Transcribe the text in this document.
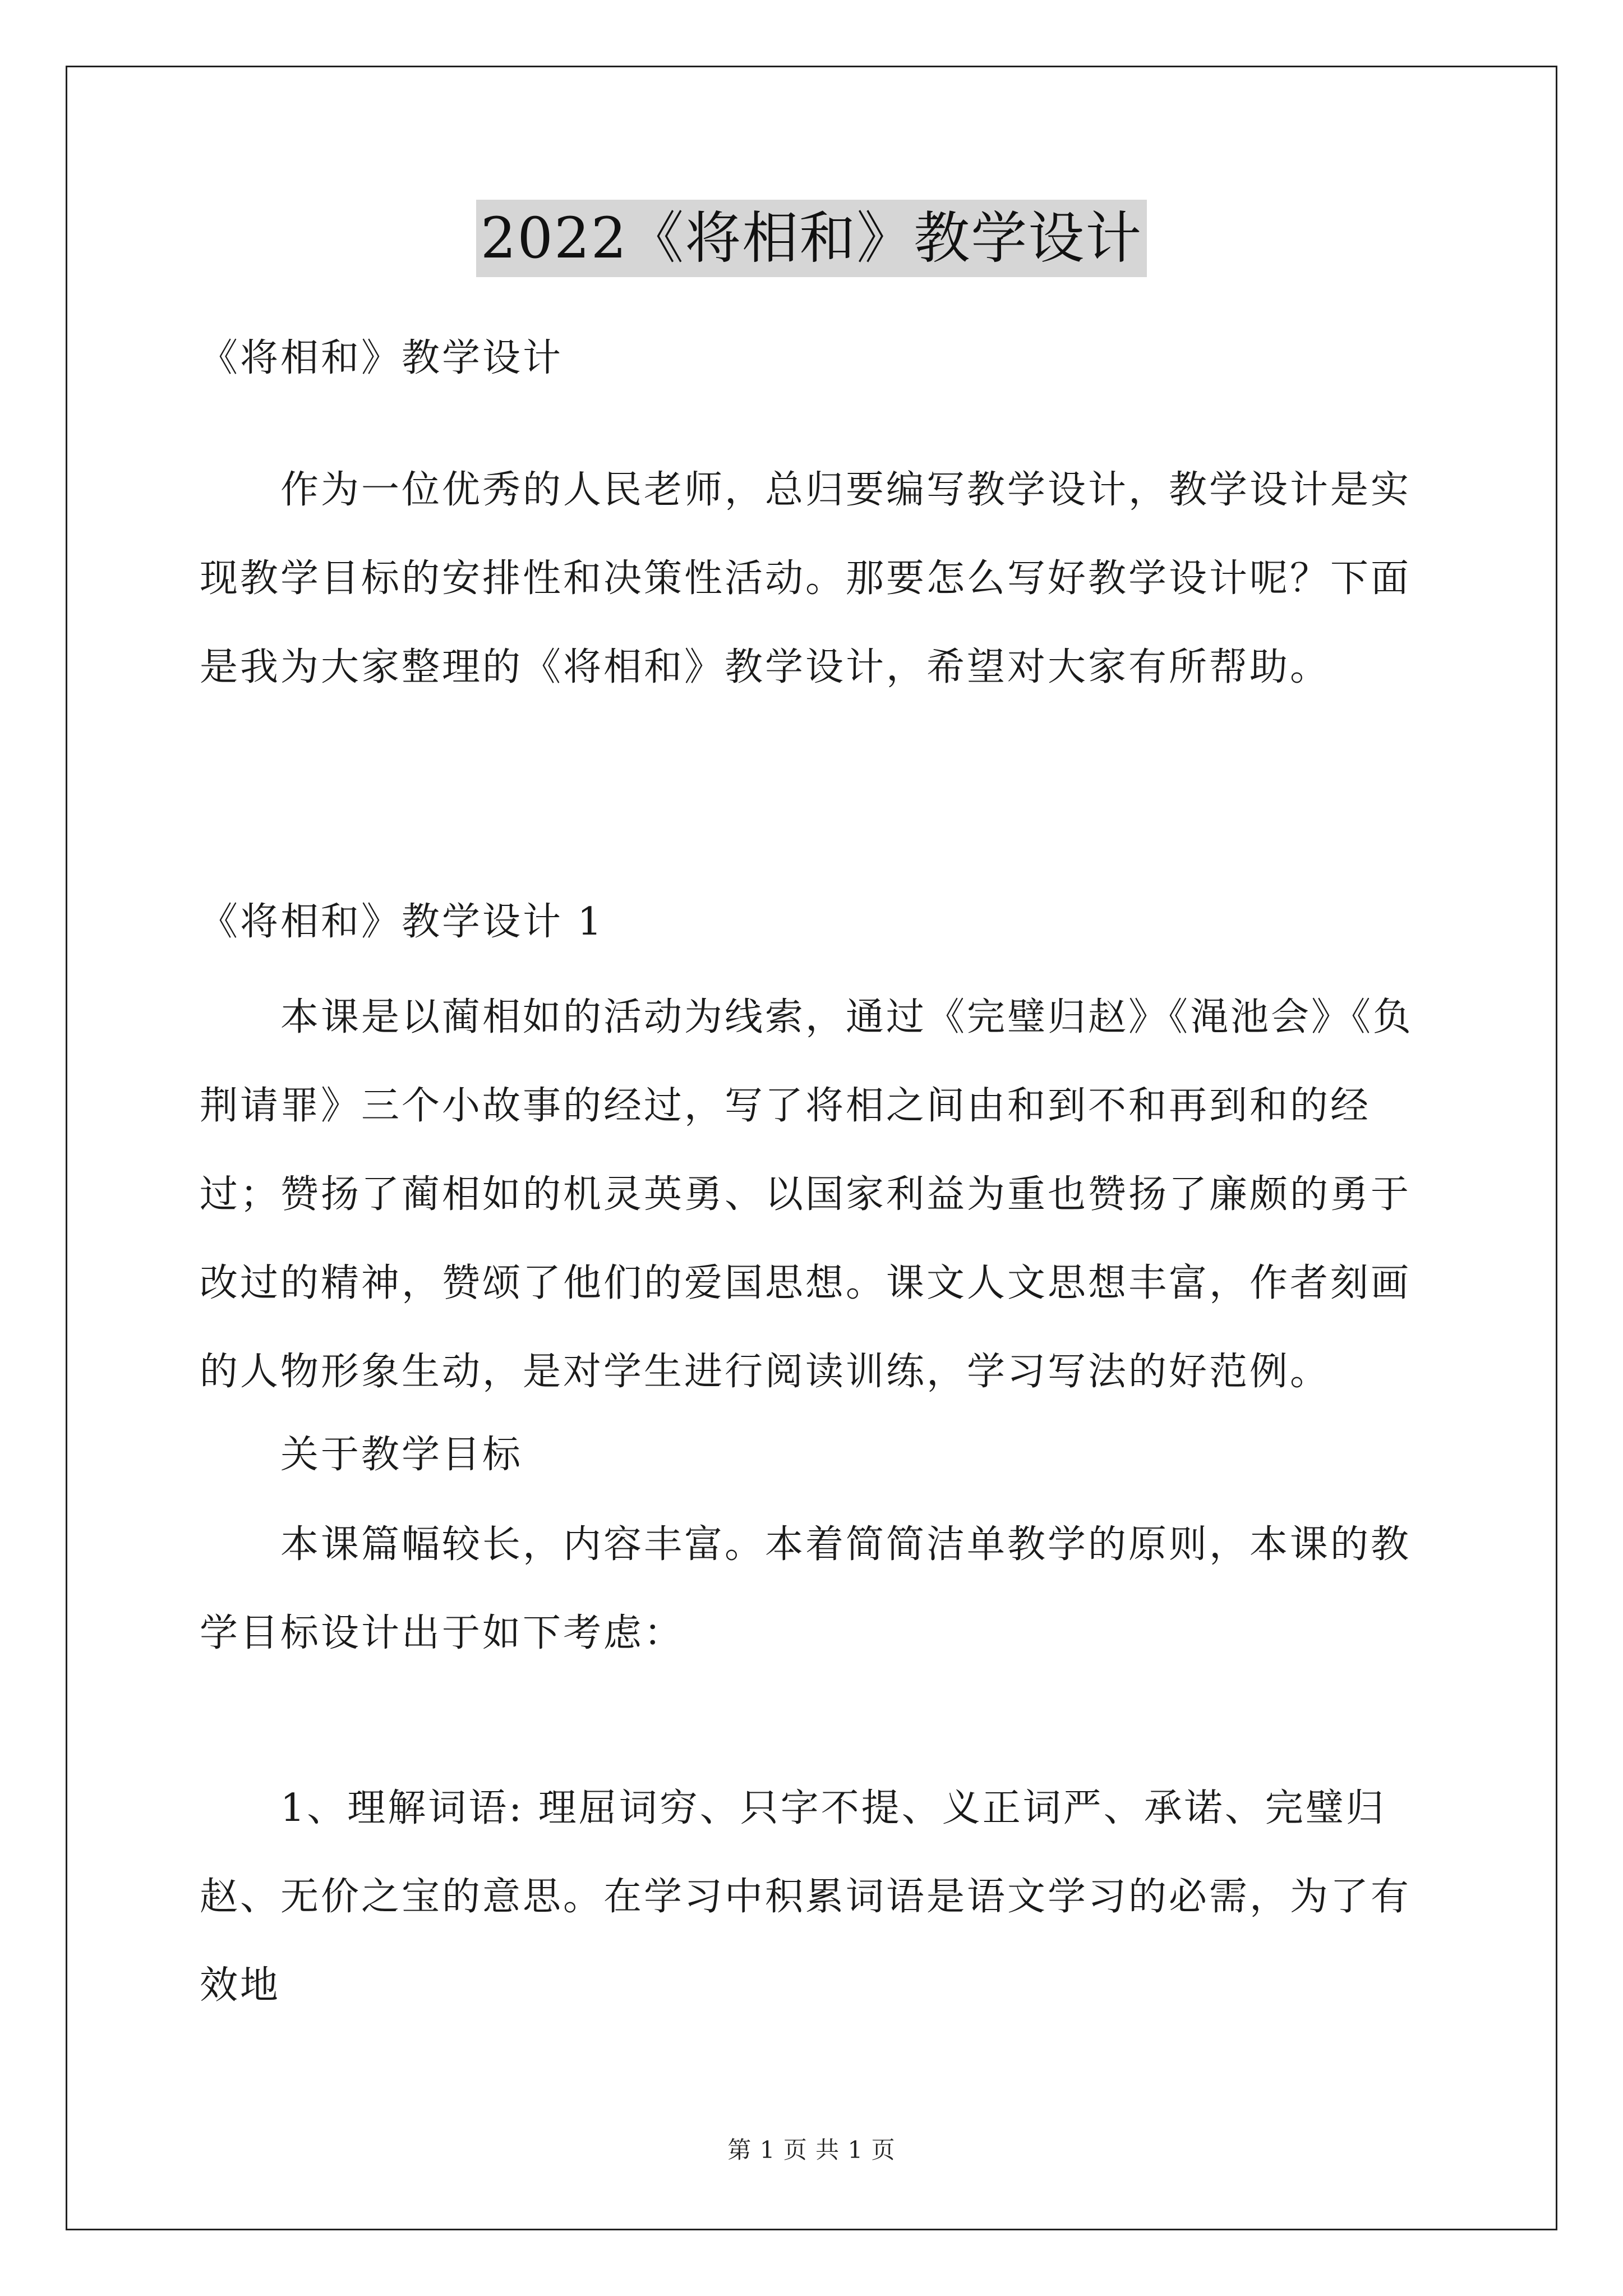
2022《将相和》教学设计

《将相和》教学设计

作为一位优秀的人民老师，总归要编写教学设计，教学设计是实现教学目标的安排性和决策性活动。那要怎么写好教学设计呢？下面是我为大家整理的《将相和》教学设计，希望对大家有所帮助。

《将相和》教学设计 1

本课是以蔺相如的活动为线索，通过《完璧归赵》《渑池会》《负荆请罪》三个小故事的经过，写了将相之间由和到不和再到和的经过；赞扬了蔺相如的机灵英勇、以国家利益为重也赞扬了廉颇的勇于改过的精神，赞颂了他们的爱国思想。课文人文思想丰富，作者刻画的人物形象生动，是对学生进行阅读训练，学习写法的好范例。

关于教学目标

本课篇幅较长，内容丰富。本着简简洁单教学的原则，本课的教学目标设计出于如下考虑：

1、理解词语: 理屈词穷、只字不提、义正词严、承诺、完璧归赵、无价之宝的意思。在学习中积累词语是语文学习的必需，为了有效地

第 1 页 共 1 页
